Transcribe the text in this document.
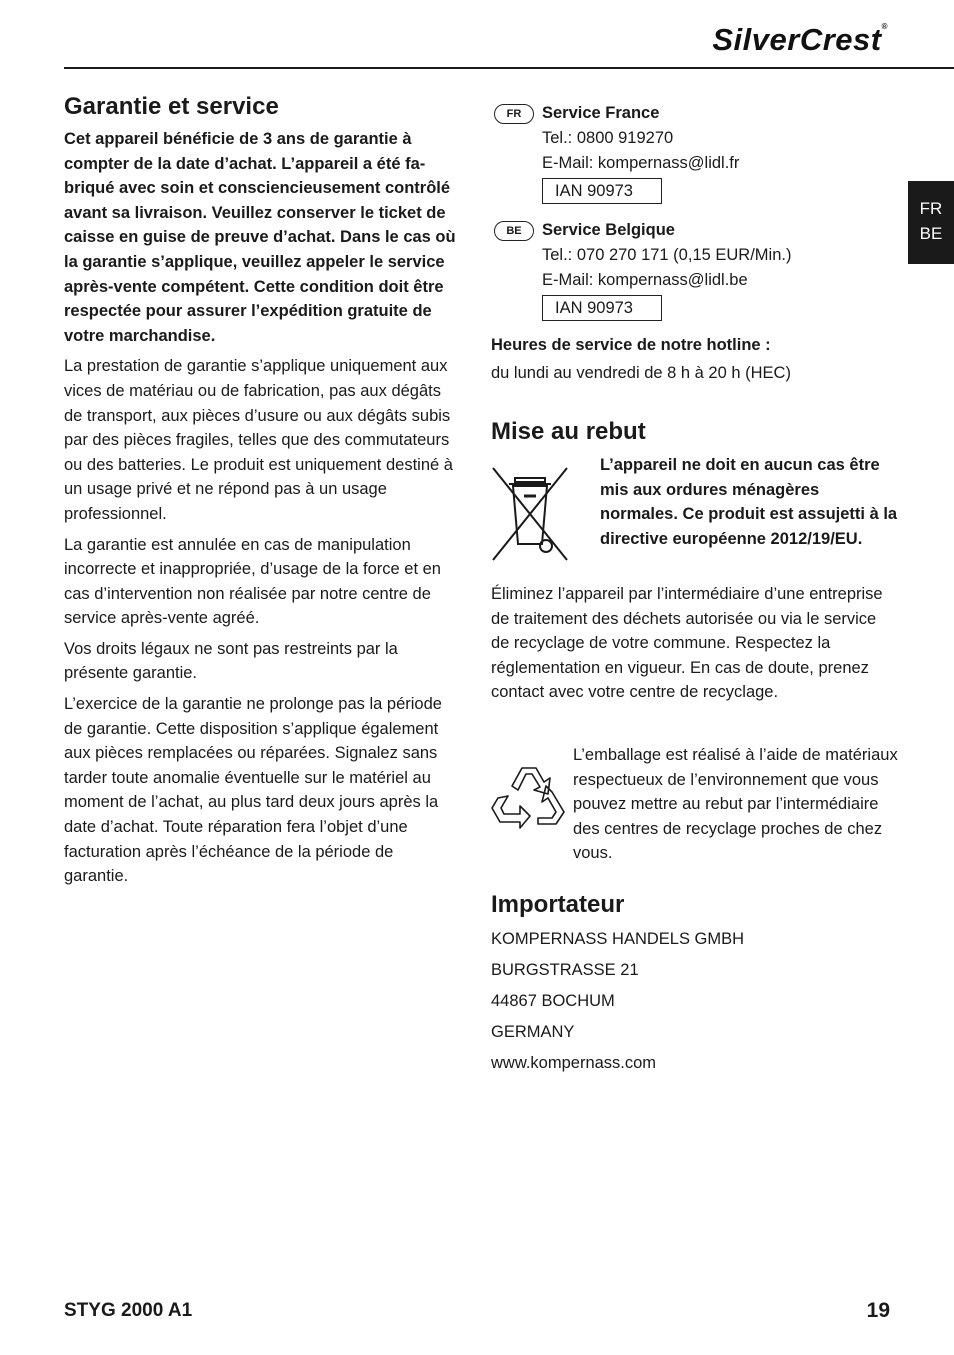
SilverCrest®
FR
BE
Garantie et service

Cet appareil bénéficie de 3 ans de garantie à compter de la date d’achat. L’appareil a été fabriqué avec soin et consciencieusement contrôlé avant sa livraison. Veuillez conserver le ticket de caisse en guise de preuve d’achat. Dans le cas où la garantie s’applique, veuillez appeler le service après-vente compétent. Cette condition doit être respectée pour assurer l’expédition gratuite de votre marchandise.

La prestation de garantie s’applique uniquement aux vices de matériau ou de fabrication, pas aux dégâts de transport, aux pièces d’usure ou aux dégâts subis par des pièces fragiles, telles que des commutateurs ou des batteries. Le produit est uniquement destiné à un usage privé et ne répond pas à un usage professionnel.

La garantie est annulée en cas de manipulation incorrecte et inappropriée, d’usage de la force et en cas d’intervention non réalisée par notre centre de service après-vente agréé.

Vos droits légaux ne sont pas restreints par la présente garantie.

L’exercice de la garantie ne prolonge pas la période de garantie. Cette disposition s’applique également aux pièces remplacées ou réparées. Signalez sans tarder toute anomalie éventuelle sur le matériel au moment de l’achat, au plus tard deux jours après la date d’achat. Toute réparation fera l’objet d’une facturation après l’échéance de la période de garantie.

FR	Service France
Tel.: 0800 919270
E-Mail: kompernass@lidl.fr
IAN 90973
BE	Service Belgique
Tel.: 070 270 171 (0,15 EUR/Min.)
E-Mail: kompernass@lidl.be
IAN 90973
Heures de service de notre hotline :
du lundi au vendredi de 8 h à 20 h (HEC)
Mise au rebut
L’appareil ne doit en aucun cas être mis aux ordures ménagères normales. Ce produit est assujetti à la directive européenne 2012/19/EU.
Éliminez l’appareil par l’intermédiaire d’une entreprise de traitement des déchets autorisée ou via le service de recyclage de votre commune. Respectez la réglementation en vigueur. En cas de doute, prenez contact avec votre centre de recyclage.
L’emballage est réalisé à l’aide de matériaux respectueux de l’environnement que vous pouvez mettre au rebut par l’intermédiaire des centres de recyclage proches de chez vous.
Importateur
KOMPERNASS HANDELS GMBH
BURGSTRASSE 21
44867 BOCHUM
GERMANY
www.kompernass.com
STYG 2000 A1	19
